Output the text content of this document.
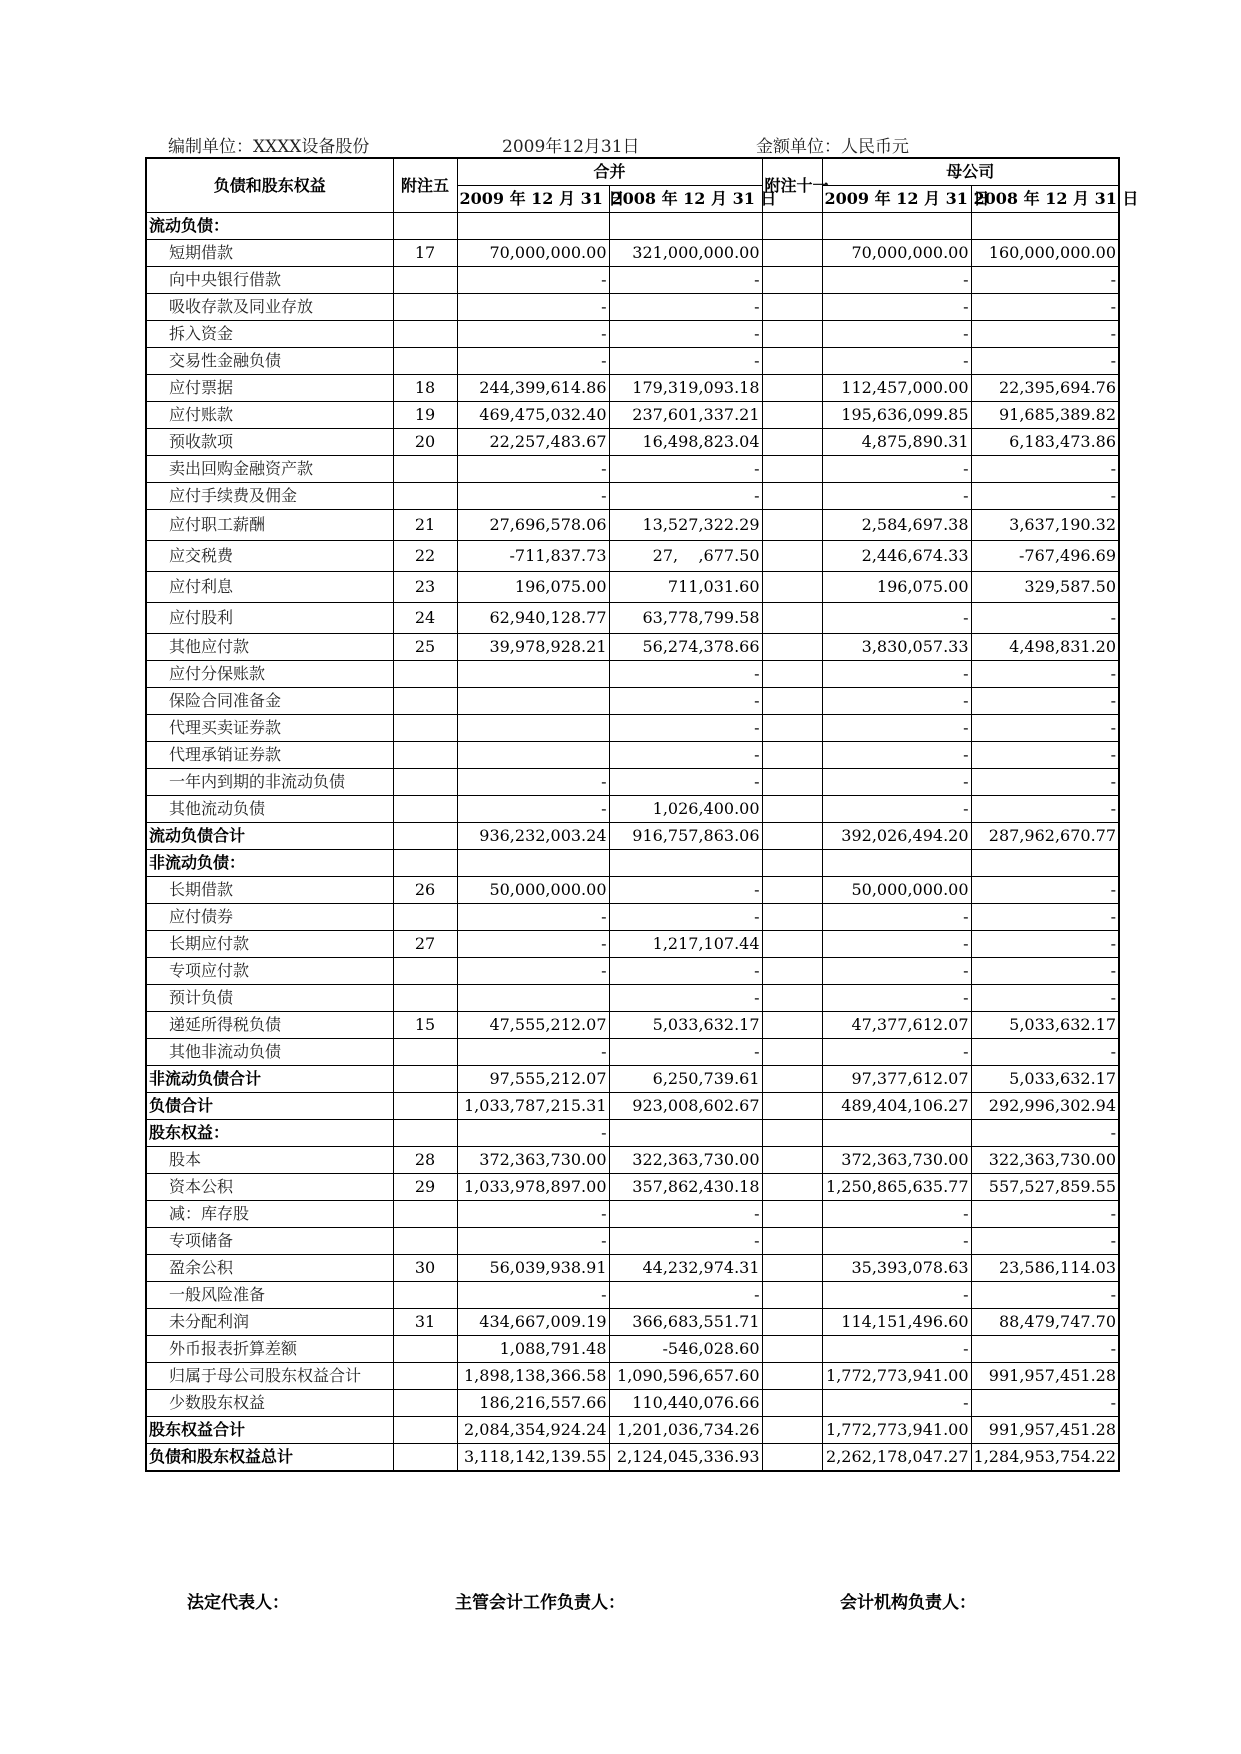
编制单位：XXXX设备股份	2009年12月31日	金额单位：人民币元
负债和股东权益	附注五	合并		附注十一	母公司	
		2009 年 12 月 31 日	2008 年 12 月 31 日		2009 年 12 月 31 日	2008 年 12 月 31 日
流动负债：						
短期借款	17	70,000,000.00	321,000,000.00		70,000,000.00	160,000,000.00
向中央银行借款		-	-		-	-
吸收存款及同业存放		-	-		-	-
拆入资金		-	-		-	-
交易性金融负债		-	-		-	-
应付票据	18	244,399,614.86	179,319,093.18		112,457,000.00	22,395,694.76
应付账款	19	469,475,032.40	237,601,337.21		195,636,099.85	91,685,389.82
预收款项	20	22,257,483.67	16,498,823.04		4,875,890.31	6,183,473.86
卖出回购金融资产款		-	-		-	-
应付手续费及佣金		-	-		-	-
应付职工薪酬	21	27,696,578.06	13,527,322.29		2,584,697.38	3,637,190.32
应交税费	22	-711,837.73	27,    ,677.50		2,446,674.33	-767,496.69
应付利息	23	196,075.00	711,031.60		196,075.00	329,587.50
应付股利	24	62,940,128.77	63,778,799.58		-	-
其他应付款	25	39,978,928.21	56,274,378.66		3,830,057.33	4,498,831.20
应付分保账款			-		-	-
保险合同准备金			-		-	-
代理买卖证券款			-		-	-
代理承销证券款			-		-	-
一年内到期的非流动负债		-	-		-	-
其他流动负债		-	1,026,400.00		-	-
流动负债合计		936,232,003.24	916,757,863.06		392,026,494.20	287,962,670.77
非流动负债：						
长期借款	26	50,000,000.00	-		50,000,000.00	-
应付债券		-	-		-	-
长期应付款	27	-	1,217,107.44		-	-
专项应付款		-	-		-	-
预计负债			-		-	-
递延所得税负债	15	47,555,212.07	5,033,632.17		47,377,612.07	5,033,632.17
其他非流动负债		-	-		-	-
非流动负债合计		97,555,212.07	6,250,739.61		97,377,612.07	5,033,632.17
负债合计		1,033,787,215.31	923,008,602.67		489,404,106.27	292,996,302.94
股东权益：		-				-
股本	28	372,363,730.00	322,363,730.00		372,363,730.00	322,363,730.00
资本公积	29	1,033,978,897.00	357,862,430.18		1,250,865,635.77	557,527,859.55
减：库存股		-	-		-	-
专项储备		-	-		-	-
盈余公积	30	56,039,938.91	44,232,974.31		35,393,078.63	23,586,114.03
一般风险准备		-	-		-	-
未分配利润	31	434,667,009.19	366,683,551.71		114,151,496.60	88,479,747.70
外币报表折算差额		1,088,791.48	-546,028.60		-	-
归属于母公司股东权益合计		1,898,138,366.58	1,090,596,657.60		1,772,773,941.00	991,957,451.28
少数股东权益		186,216,557.66	110,440,076.66		-	-
股东权益合计		2,084,354,924.24	1,201,036,734.26		1,772,773,941.00	991,957,451.28
负债和股东权益总计		3,118,142,139.55	2,124,045,336.93		2,262,178,047.27	1,284,953,754.22
法定代表人：	主管会计工作负责人：	会计机构负责人：
